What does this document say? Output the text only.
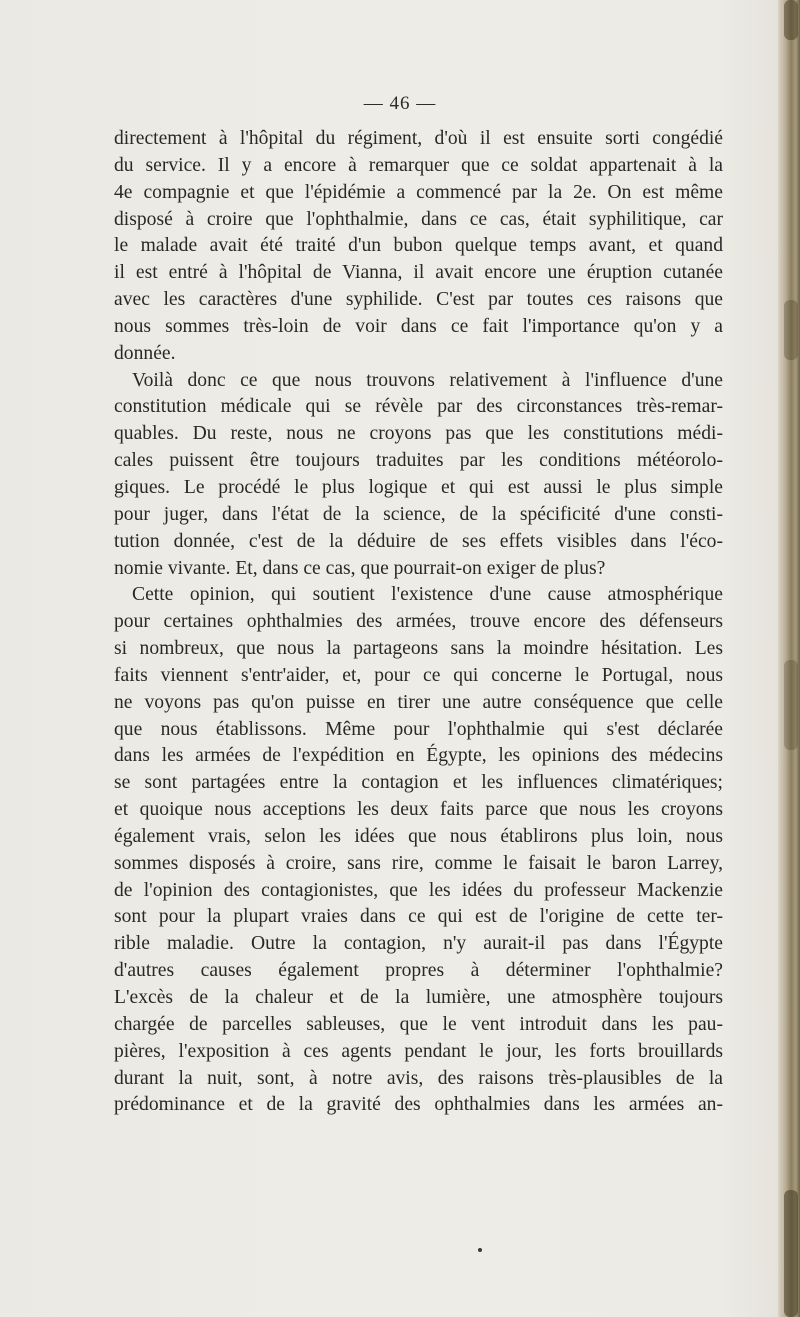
— 46 —
directement à l'hôpital du régiment, d'où il est ensuite sorti congédié
du service. Il y a encore à remarquer que ce soldat appartenait à la
4e compagnie et que l'épidémie a commencé par la 2e. On est même
disposé à croire que l'ophthalmie, dans ce cas, était syphilitique, car
le malade avait été traité d'un bubon quelque temps avant, et quand
il est entré à l'hôpital de Vianna, il avait encore une éruption cutanée
avec les caractères d'une syphilide. C'est par toutes ces raisons que
nous sommes très-loin de voir dans ce fait l'importance qu'on y a
donnée.
Voilà donc ce que nous trouvons relativement à l'influence d'une
constitution médicale qui se révèle par des circonstances très-remar-
quables. Du reste, nous ne croyons pas que les constitutions médi-
cales puissent être toujours traduites par les conditions météorolo-
giques. Le procédé le plus logique et qui est aussi le plus simple
pour juger, dans l'état de la science, de la spécificité d'une consti-
tution donnée, c'est de la déduire de ses effets visibles dans l'éco-
nomie vivante. Et, dans ce cas, que pourrait-on exiger de plus?
Cette opinion, qui soutient l'existence d'une cause atmosphérique
pour certaines ophthalmies des armées, trouve encore des défenseurs
si nombreux, que nous la partageons sans la moindre hésitation. Les
faits viennent s'entr'aider, et, pour ce qui concerne le Portugal, nous
ne voyons pas qu'on puisse en tirer une autre conséquence que celle
que nous établissons. Même pour l'ophthalmie qui s'est déclarée
dans les armées de l'expédition en Égypte, les opinions des médecins
se sont partagées entre la contagion et les influences climatériques;
et quoique nous acceptions les deux faits parce que nous les croyons
également vrais, selon les idées que nous établirons plus loin, nous
sommes disposés à croire, sans rire, comme le faisait le baron Larrey,
de l'opinion des contagionistes, que les idées du professeur Mackenzie
sont pour la plupart vraies dans ce qui est de l'origine de cette ter-
rible maladie. Outre la contagion, n'y aurait-il pas dans l'Égypte
d'autres causes également propres à déterminer l'ophthalmie?
L'excès de la chaleur et de la lumière, une atmosphère toujours
chargée de parcelles sableuses, que le vent introduit dans les pau-
pières, l'exposition à ces agents pendant le jour, les forts brouillards
durant la nuit, sont, à notre avis, des raisons très-plausibles de la
prédominance et de la gravité des ophthalmies dans les armées an-
